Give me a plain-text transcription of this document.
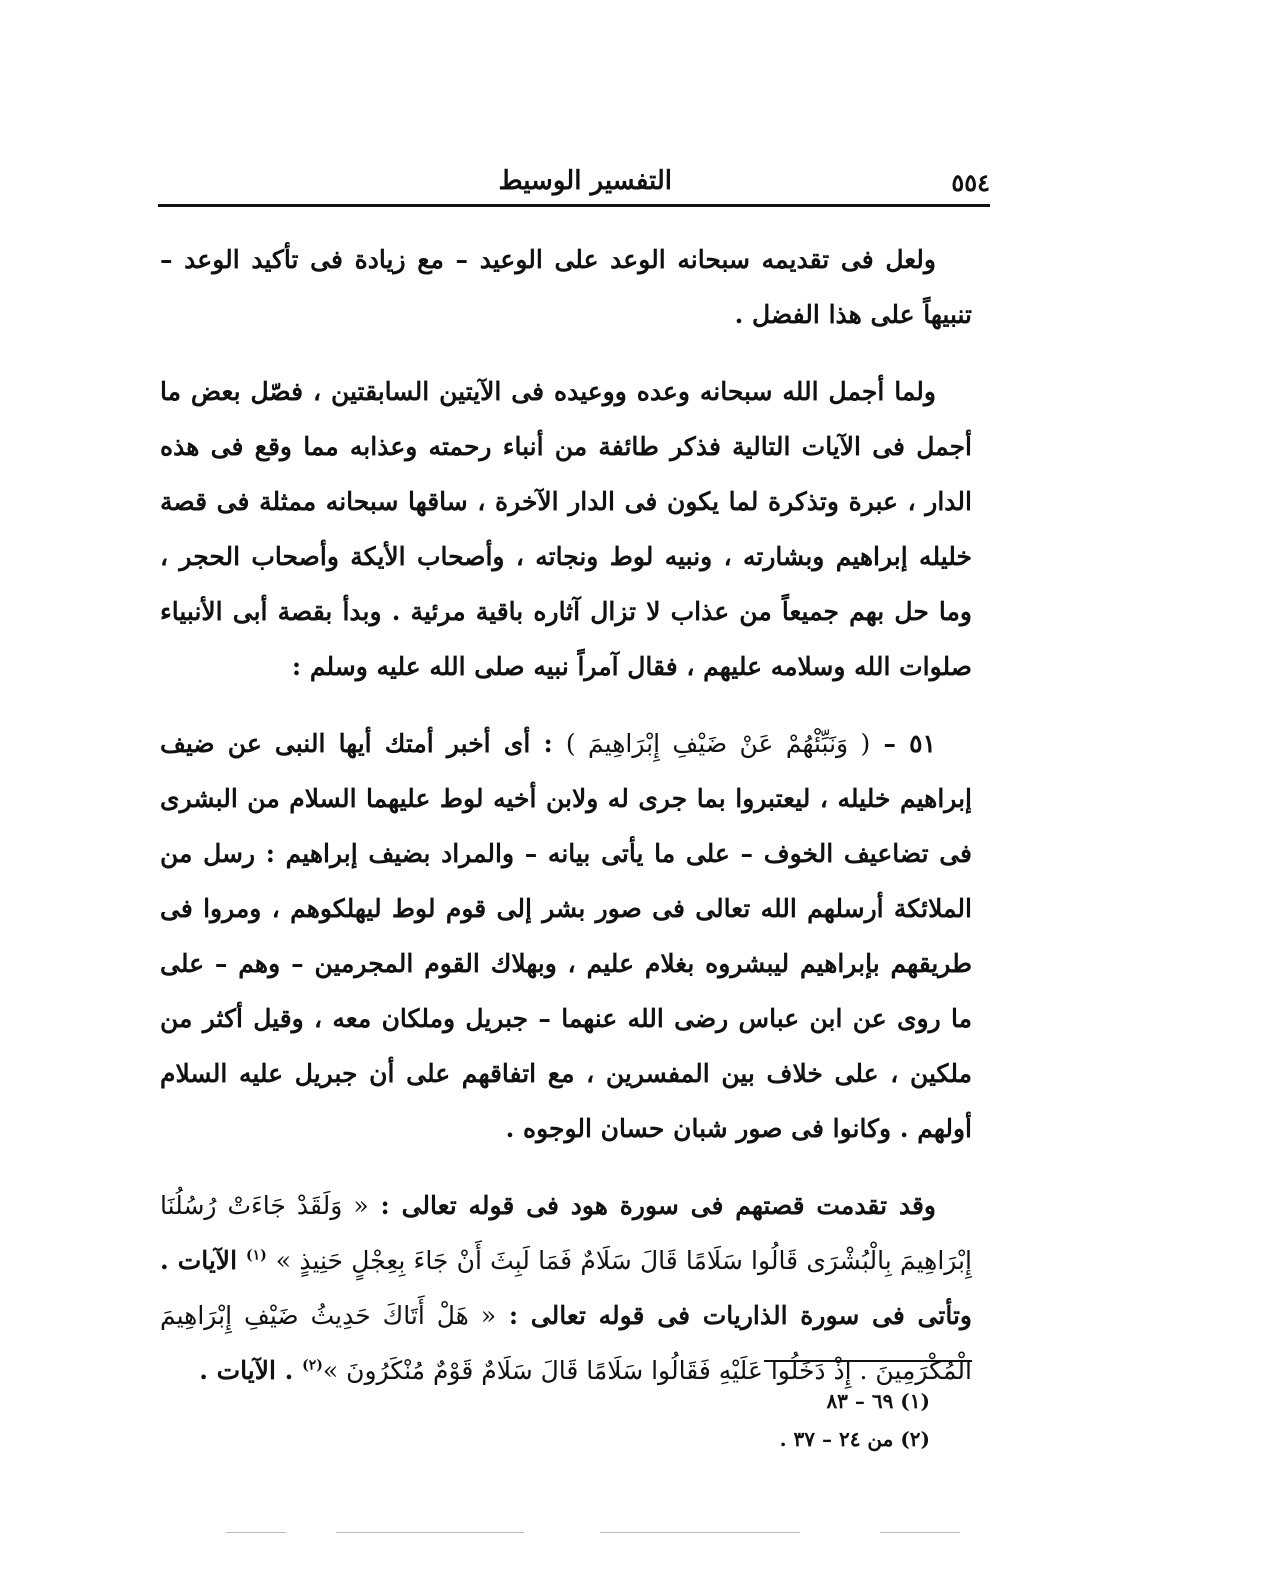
٥٥٤
التفسير الوسيط

ولعل فى تقديمه سبحانه الوعد على الوعيد – مع زيادة فى تأكيد الوعد – تنبيهاً على هذا الفضل .

ولما أجمل الله سبحانه وعده ووعيده فى الآيتين السابقتين ، فصّل بعض ما أجمل فى الآيات التالية فذكر طائفة من أنباء رحمته وعذابه مما وقع فى هذه الدار ، عبرة وتذكرة لما يكون فى الدار الآخرة ، ساقها سبحانه ممثلة فى قصة خليله إبراهيم وبشارته ، ونبيه لوط ونجاته ، وأصحاب الأيكة وأصحاب الحجر ، وما حل بهم جميعاً من عذاب لا تزال آثاره باقية مرئية . وبدأ بقصة أبى الأنبياء صلوات الله وسلامه عليهم ، فقال آمراً نبيه صلى الله عليه وسلم :

٥١ – ( وَنَبِّئْهُمْ عَنْ ضَيْفِ إِبْرَاهِيمَ ) : أى أخبر أمتك أيها النبى عن ضيف إبراهيم خليله ، ليعتبروا بما جرى له ولابن أخيه لوط عليهما السلام من البشرى فى تضاعيف الخوف – على ما يأتى بيانه – والمراد بضيف إبراهيم : رسل من الملائكة أرسلهم الله تعالى فى صور بشر إلى قوم لوط ليهلكوهم ، ومروا فى طريقهم بإبراهيم ليبشروه بغلام عليم ، وبهلاك القوم المجرمين – وهم – على ما روى عن ابن عباس رضى الله عنهما – جبريل وملكان معه ، وقيل أكثر من ملكين ، على خلاف بين المفسرين ، مع اتفاقهم على أن جبريل عليه السلام أولهم . وكانوا فى صور شبان حسان الوجوه .

وقد تقدمت قصتهم فى سورة هود فى قوله تعالى : « وَلَقَدْ جَاءَتْ رُسُلُنَا إِبْرَاهِيمَ بِالْبُشْرَى قَالُوا سَلَامًا قَالَ سَلَامٌ فَمَا لَبِثَ أَنْ جَاءَ بِعِجْلٍ حَنِيذٍ » $^{(١)}$ الآيات . وتأتى فى سورة الذاريات فى قوله تعالى : « هَلْ أَتَاكَ حَدِيثُ ضَيْفِ إِبْرَاهِيمَ الْمُكْرَمِينَ . إِذْ دَخَلُوا عَلَيْهِ فَقَالُوا سَلَامًا قَالَ سَلَامٌ قَوْمٌ مُنْكَرُونَ »$^{(٢)}$ . الآيات .

(١) ٦٩ – ٨٣
(٢) من ٢٤ – ٣٧ .
